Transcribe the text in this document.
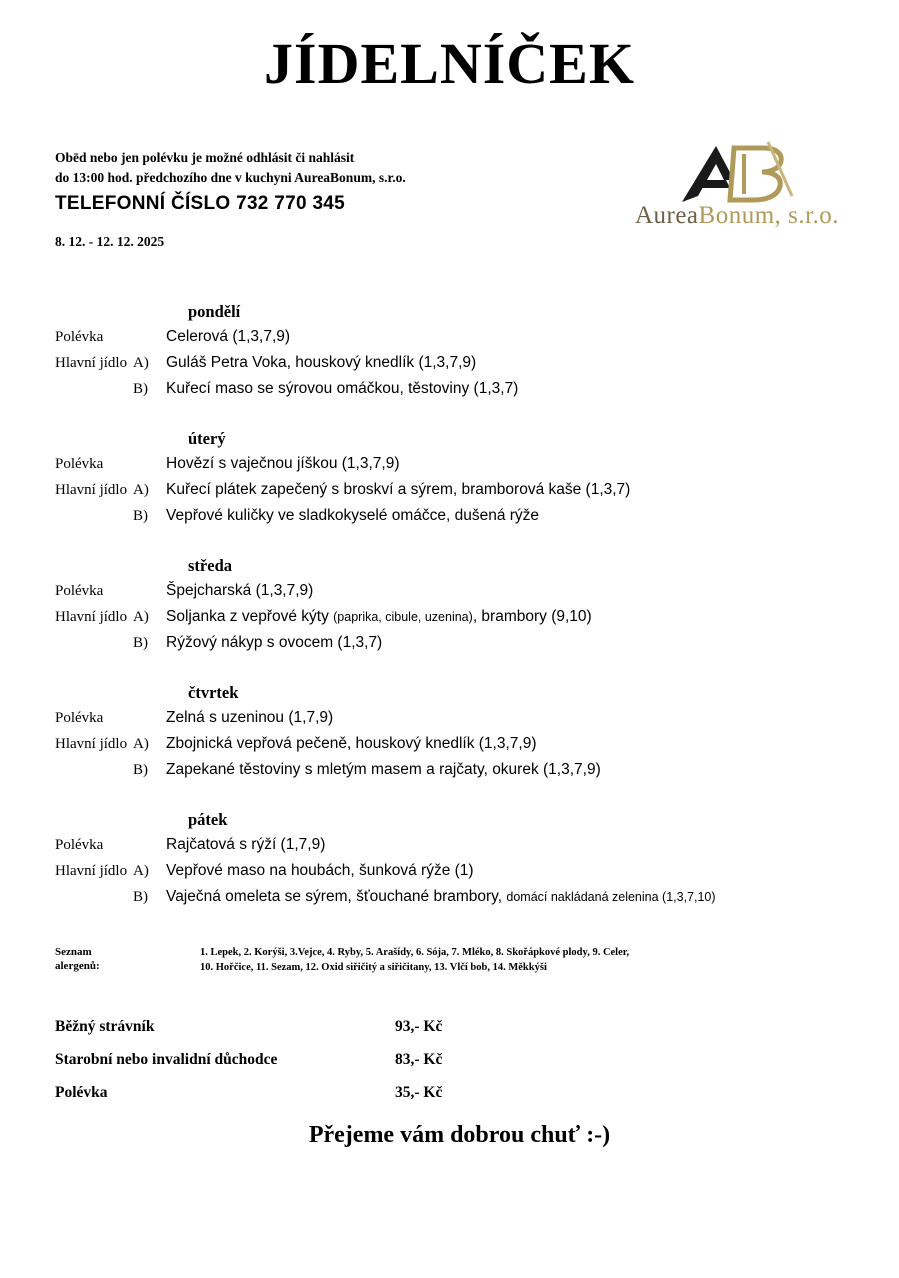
JÍDELNÍČEK
Obēd nebo jen polévku je možné odhlásit či nahlásit
do 13:00 hod. předchozího dne v kuchyni AureaBonum, s.r.o.
TELEFONNÍ ČÍSLO 732 770 345
8. 12. - 12. 12. 2025
AureaBonum, s.r.o.
pondělí
Polévka	Celerová (1,3,7,9)
Hlavní jídlo A)	Guláš Petra Voka, houskový knedlík (1,3,7,9)
B)	Kuřecí maso se sýrovou omáčkou, těstoviny (1,3,7)
úterý
Polévka	Hovězí s vaječnou jíškou (1,3,7,9)
Hlavní jídlo A)	Kuřecí plátek zapečený s broskví a sýrem, bramborová kaše (1,3,7)
B)	Vepřové kuličky ve sladkokyselé omáčce, dušená rýže
středa
Polévka	Špejcharská (1,3,7,9)
Hlavní jídlo A)	Soljanka z vepřové kýty (paprika, cibule, uzenina), brambory (9,10)
B)	Rýžový nákyp s ovocem (1,3,7)
čtvrtek
Polévka	Zelná s uzeninou (1,7,9)
Hlavní jídlo A)	Zbojnická vepřová pečeně, houskový knedlík (1,3,7,9)
B)	Zapekané těstoviny s mletým masem a rajčaty, okurek (1,3,7,9)
pátek
Polévka	Rajčatová s rýží (1,7,9)
Hlavní jídlo A)	Vepřové maso na houbách, šunková rýže (1)
B)	Vaječná omeleta se sýrem, šťouchané brambory, domácí nakládaná zelenina (1,3,7,10)
Seznam
alergenů:
1. Lepek, 2. Korýši, 3.Vejce, 4. Ryby, 5. Arašídy, 6. Sója, 7. Mléko, 8. Skořápkové plody, 9. Celer,
10. Hořčice, 11. Sezam, 12. Oxid siřičitý a siřičitany, 13. Vlčí bob, 14. Měkkýši
Běžný strávník	93,- Kč
Starobní nebo invalidní důchodce	83,- Kč
Polévka	35,- Kč
Přejeme vám dobrou chuť :-)
